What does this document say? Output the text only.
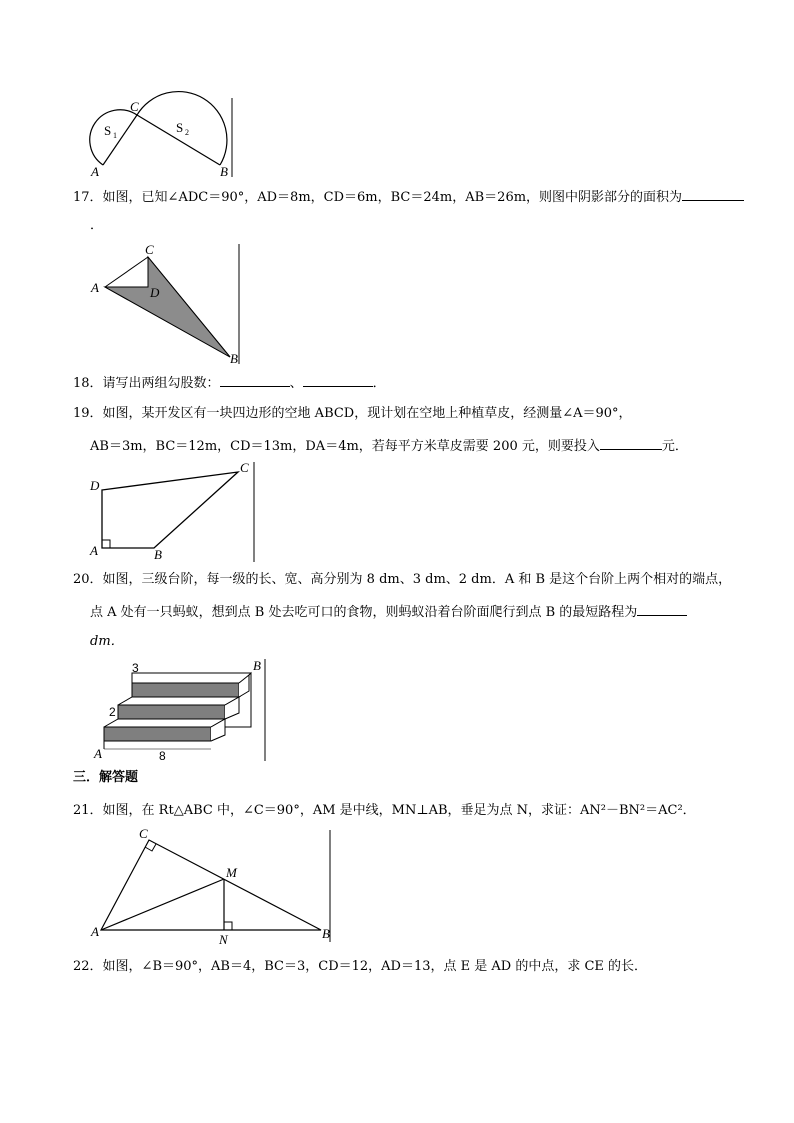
C
S 1
S 2
A	B
17．如图，已知∠ADC＝90°，AD＝8m，CD＝6m，BC＝24m，AB＝26m，则图中阴影部分的面积为
．
C
A	D
B
18．请写出两组勾股数：	、	．
19．如图，某开发区有一块四边形的空地 ABCD，现计划在空地上种植草皮，经测量∠A＝90°，
AB＝3m，BC＝12m，CD＝13m，DA＝4m，若每平方米草皮需要 200 元，则要投入	元．
C
D
A	B
20．如图，三级台阶，每一级的长、宽、高分别为 8 dm、3 dm、2 dm．A 和 B 是这个台阶上两个相对的端点，
点 A 处有一只蚂蚁，想到点 B 处去吃可口的食物，则蚂蚁沿着台阶面爬行到点 B 的最短路程为
dm．
3
2
8
A
B
三．解答题
21．如图，在 Rt△ABC 中，∠C＝90°，AM 是中线，MN⊥AB，垂足为点 N，求证：AN²－BN²＝AC²．
C
M
A
N	B
22．如图，∠B＝90°，AB＝4，BC＝3，CD＝12，AD＝13，点 E 是 AD 的中点，求 CE 的长．
